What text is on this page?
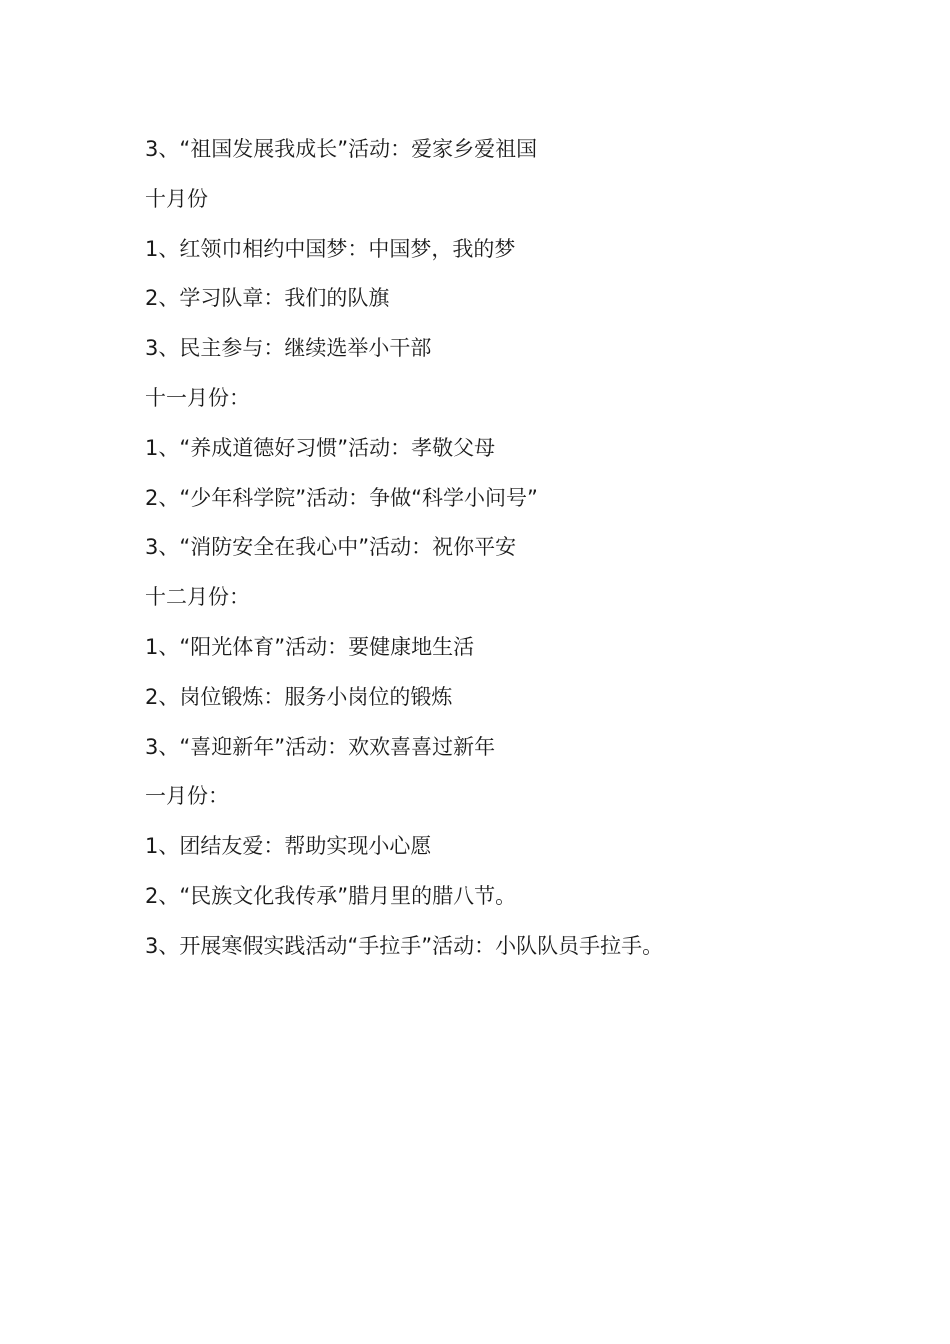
3、“祖国发展我成长”活动：爱家乡爱祖国
十月份
1、红领巾相约中国梦：中国梦，我的梦
2、学习队章：我们的队旗
3、民主参与：继续选举小干部
十一月份：
1、“养成道德好习惯”活动：孝敬父母
2、“少年科学院”活动：争做“科学小问号”
3、“消防安全在我心中”活动：祝你平安
十二月份：
1、“阳光体育”活动：要健康地生活
2、岗位锻炼：服务小岗位的锻炼
3、“喜迎新年”活动：欢欢喜喜过新年
一月份：
1、团结友爱：帮助实现小心愿
2、“民族文化我传承”腊月里的腊八节。
3、开展寒假实践活动“手拉手”活动：小队队员手拉手。
